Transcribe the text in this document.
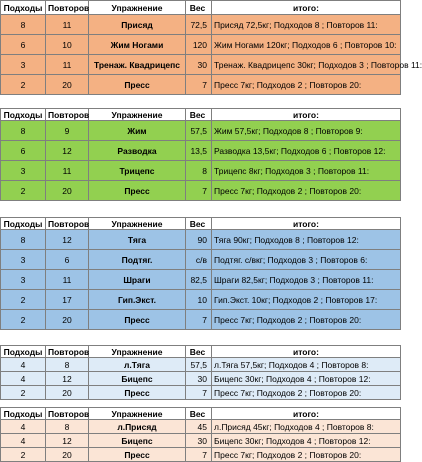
Подходы	Повторов	Упражнение	Вес	итого:
8	11	Присяд	72,5	Присяд 72,5кг; Подходов 8 ; Повторов 11:
6	10	Жим Ногами	120	Жим Ногами 120кг; Подходов 6 ; Повторов 10:
3	11	Тренаж. Квадрицепс	30	Тренаж. Квадрицепс 30кг; Подходов 3 ; Повторов 11:
2	20	Пресс	7	Пресс 7кг; Подходов 2 ; Повторов 20:
Подходы	Повторов	Упражнение	Вес	итого:
8	9	Жим	57,5	Жим 57,5кг; Подходов 8 ; Повторов 9:
6	12	Разводка	13,5	Разводка 13,5кг; Подходов 6 ; Повторов 12:
3	11	Трицепс	8	Трицепс 8кг; Подходов 3 ; Повторов 11:
2	20	Пресс	7	Пресс 7кг; Подходов 2 ; Повторов 20:
Подходы	Повторов	Упражнение	Вес	итого:
8	12	Тяга	90	Тяга 90кг; Подходов 8 ; Повторов 12:
3	6	Подтяг.	с/в	Подтяг. с/вкг; Подходов 3 ; Повторов 6:
3	11	Шраги	82,5	Шраги 82,5кг; Подходов 3 ; Повторов 11:
2	17	Гип.Экст.	10	Гип.Экст. 10кг; Подходов 2 ; Повторов 17:
2	20	Пресс	7	Пресс 7кг; Подходов 2 ; Повторов 20:
Подходы	Повторов	Упражнение	Вес	итого:
4	8	л.Тяга	57,5	л.Тяга 57,5кг; Подходов 4 ; Повторов 8:
4	12	Бицепс	30	Бицепс 30кг; Подходов 4 ; Повторов 12:
2	20	Пресс	7	Пресс 7кг; Подходов 2 ; Повторов 20:
Подходы	Повторов	Упражнение	Вес	итого:
4	8	л.Присяд	45	л.Присяд 45кг; Подходов 4 ; Повторов 8:
4	12	Бицепс	30	Бицепс 30кг; Подходов 4 ; Повторов 12:
2	20	Пресс	7	Пресс 7кг; Подходов 2 ; Повторов 20:
